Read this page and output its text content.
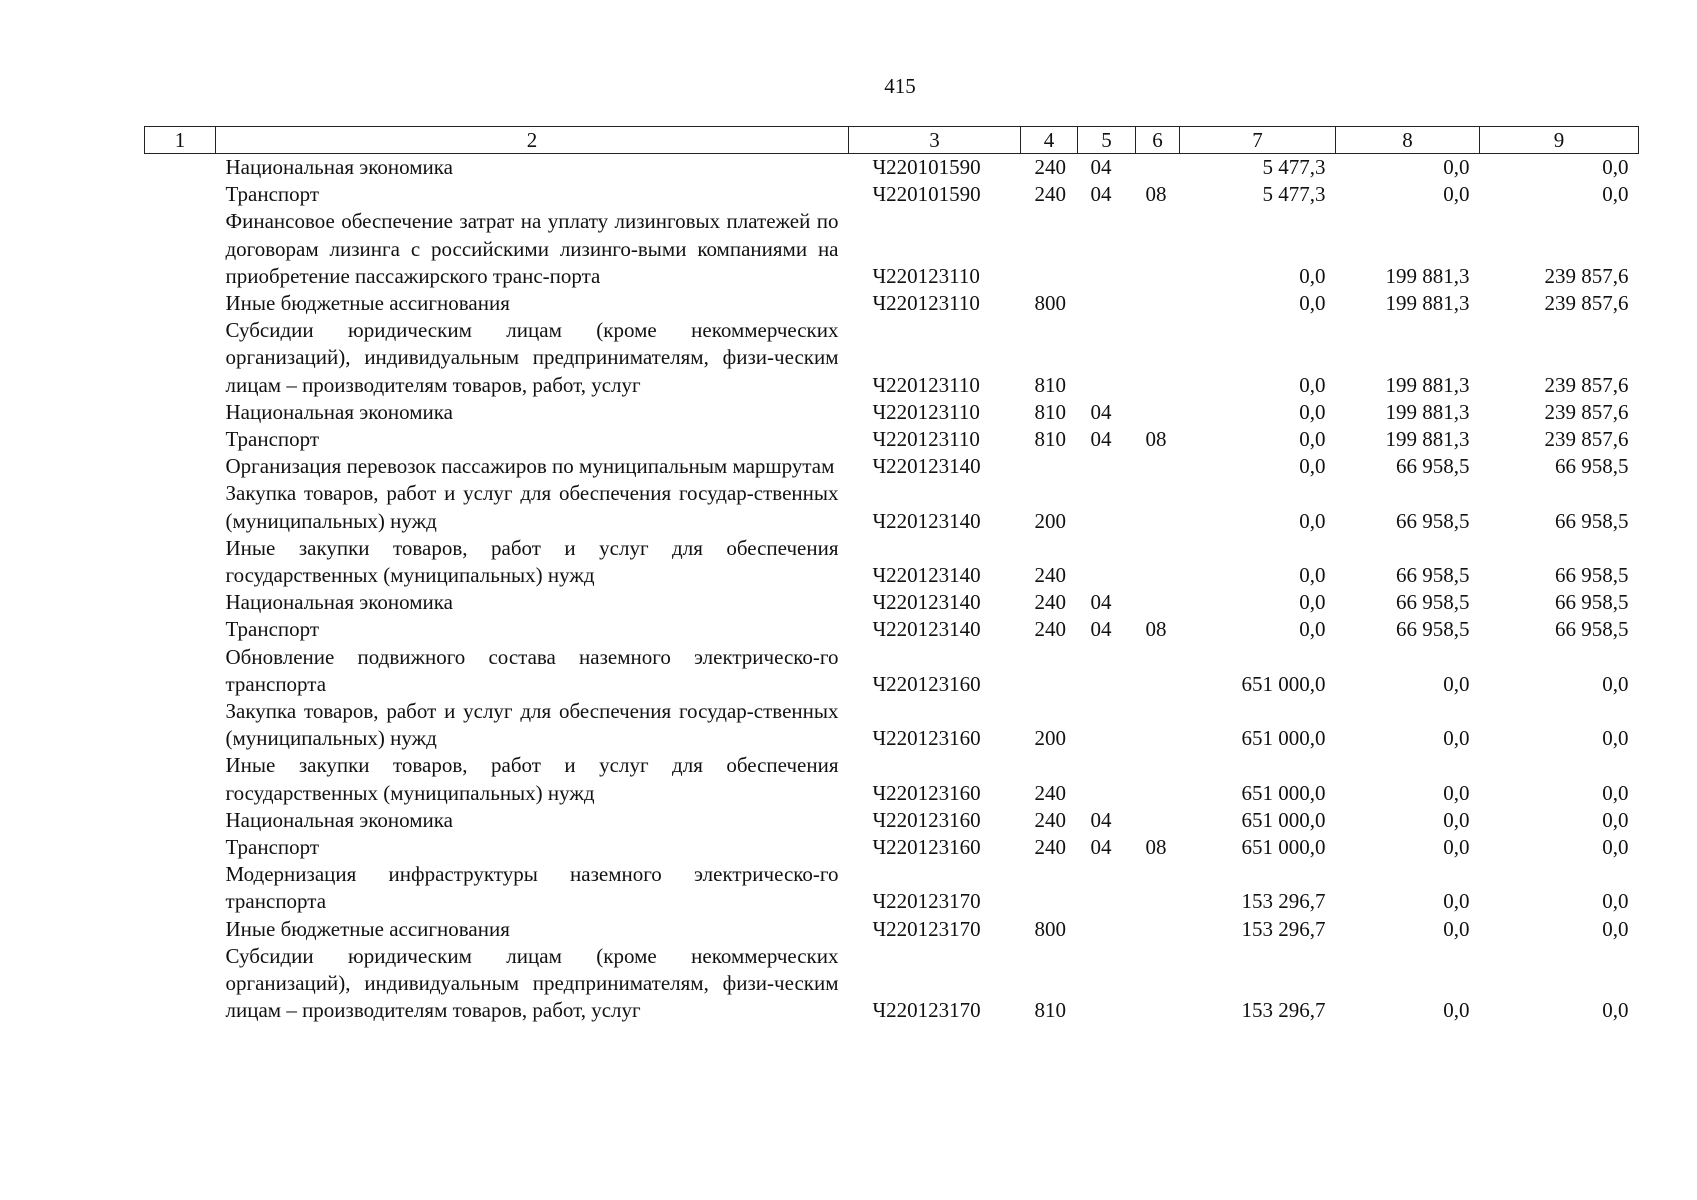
415
1	2	3	4	5	6	7	8	9
	Национальная экономика	Ч220101590	240	04		5 477,3	0,0	0,0
	Транспорт	Ч220101590	240	04	08	5 477,3	0,0	0,0
	Финансовое обеспечение затрат на уплату лизинговых платежей по договорам лизинга с российскими лизинго-выми компаниями на приобретение пассажирского транс-порта	Ч220123110				0,0	199 881,3	239 857,6
	Иные бюджетные ассигнования	Ч220123110	800			0,0	199 881,3	239 857,6
	Субсидии юридическим лицам (кроме некоммерческих организаций), индивидуальным предпринимателям, физи-ческим лицам – производителям товаров, работ, услуг	Ч220123110	810			0,0	199 881,3	239 857,6
	Национальная экономика	Ч220123110	810	04		0,0	199 881,3	239 857,6
	Транспорт	Ч220123110	810	04	08	0,0	199 881,3	239 857,6
	Организация перевозок пассажиров по муниципальным маршрутам	Ч220123140				0,0	66 958,5	66 958,5
	Закупка товаров, работ и услуг для обеспечения государ-ственных (муниципальных) нужд	Ч220123140	200			0,0	66 958,5	66 958,5
	Иные закупки товаров, работ и услуг для обеспечения государственных (муниципальных) нужд	Ч220123140	240			0,0	66 958,5	66 958,5
	Национальная экономика	Ч220123140	240	04		0,0	66 958,5	66 958,5
	Транспорт	Ч220123140	240	04	08	0,0	66 958,5	66 958,5
	Обновление подвижного состава наземного электрическо-го транспорта	Ч220123160				651 000,0	0,0	0,0
	Закупка товаров, работ и услуг для обеспечения государ-ственных (муниципальных) нужд	Ч220123160	200			651 000,0	0,0	0,0
	Иные закупки товаров, работ и услуг для обеспечения государственных (муниципальных) нужд	Ч220123160	240			651 000,0	0,0	0,0
	Национальная экономика	Ч220123160	240	04		651 000,0	0,0	0,0
	Транспорт	Ч220123160	240	04	08	651 000,0	0,0	0,0
	Модернизация инфраструктуры наземного электрическо-го транспорта	Ч220123170				153 296,7	0,0	0,0
	Иные бюджетные ассигнования	Ч220123170	800			153 296,7	0,0	0,0
	Субсидии юридическим лицам (кроме некоммерческих организаций), индивидуальным предпринимателям, физи-ческим лицам – производителям товаров, работ, услуг	Ч220123170	810			153 296,7	0,0	0,0
